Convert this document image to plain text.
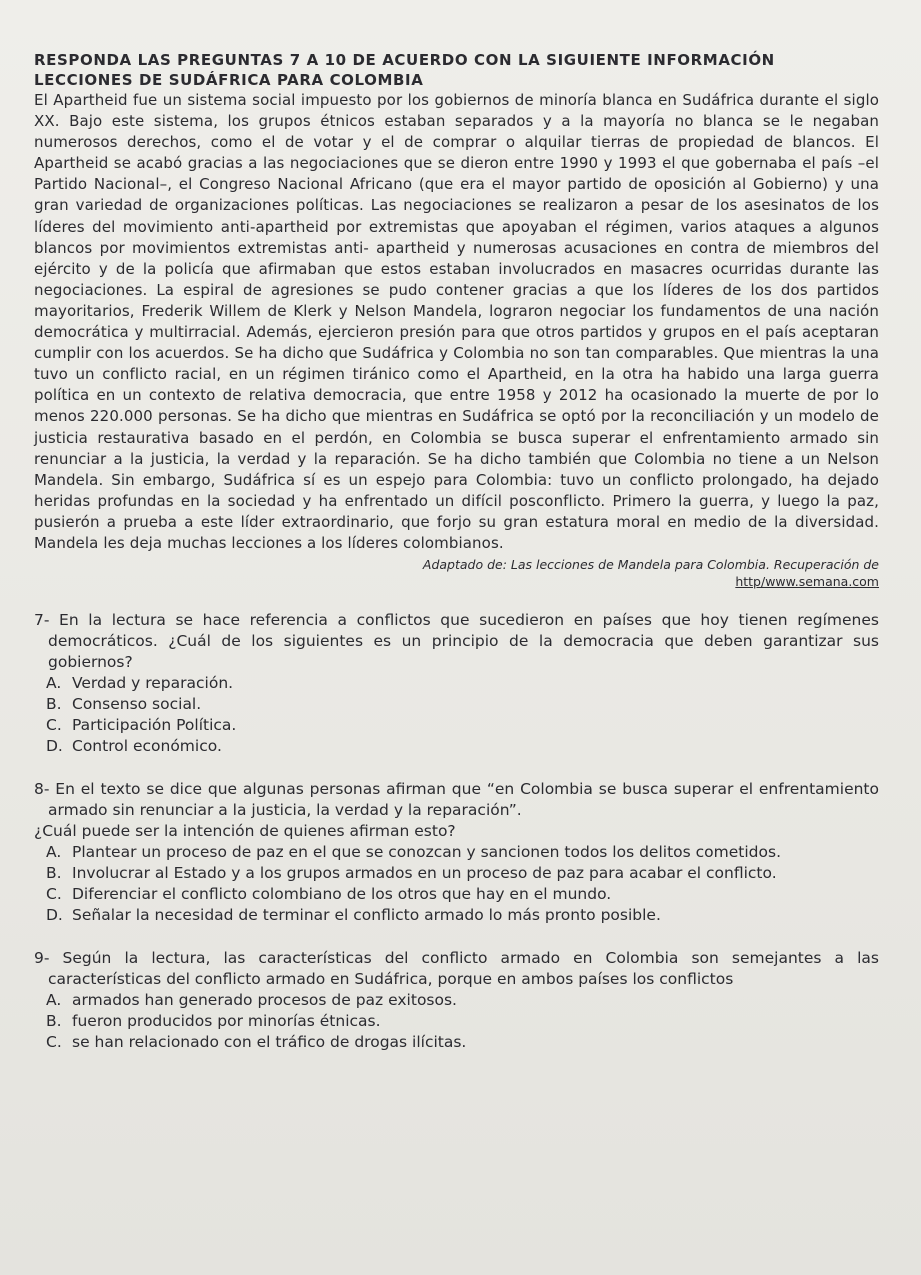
RESPONDA LAS PREGUNTAS 7 A 10 DE ACUERDO CON LA SIGUIENTE INFORMACIÓN

LECCIONES DE SUDÁFRICA PARA COLOMBIA

El Apartheid fue un sistema social impuesto por los gobiernos de minoría blanca en Sudáfrica durante el siglo XX. Bajo este sistema, los grupos étnicos estaban separados y a la mayoría no blanca se le negaban numerosos derechos, como el de votar y el de comprar o alquilar tierras de propiedad de blancos. El Apartheid se acabó gracias a las negociaciones que se dieron entre 1990 y 1993 el que gobernaba el país –el Partido Nacional–, el Congreso Nacional Africano (que era el mayor partido de oposición al Gobierno) y una gran variedad de organizaciones políticas. Las negociaciones se realizaron a pesar de los asesinatos de los líderes del movimiento anti-apartheid por extremistas que apoyaban el régimen, varios ataques a algunos blancos por movimientos extremistas anti- apartheid y numerosas acusaciones en contra de miembros del ejército y de la policía que afirmaban que estos estaban involucrados en masacres ocurridas durante las negociaciones. La espiral de agresiones se pudo contener gracias a que los líderes de los dos partidos mayoritarios, Frederik Willem de Klerk y Nelson Mandela, lograron negociar los fundamentos de una nación democrática y multirracial. Además, ejercieron presión para que otros partidos y grupos en el país aceptaran cumplir con los acuerdos. Se ha dicho que Sudáfrica y Colombia no son tan comparables. Que mientras la una tuvo un conflicto racial, en un régimen tiránico como el Apartheid, en la otra ha habido una larga guerra política en un contexto de relativa democracia, que entre 1958 y 2012 ha ocasionado la muerte de por lo menos 220.000 personas. Se ha dicho que mientras en Sudáfrica se optó por la reconciliación y un modelo de justicia restaurativa basado en el perdón, en Colombia se busca superar el enfrentamiento armado sin renunciar a la justicia, la verdad y la reparación. Se ha dicho también que Colombia no tiene a un Nelson Mandela. Sin embargo, Sudáfrica sí es un espejo para Colombia: tuvo un conflicto prolongado, ha dejado heridas profundas en la sociedad y ha enfrentado un difícil posconflicto. Primero la guerra, y luego la paz, pusierón a prueba a este líder extraordinario, que forjo su gran estatura moral en medio de la diversidad. Mandela les deja muchas lecciones a los líderes colombianos.

Adaptado de: Las lecciones de Mandela para Colombia. Recuperación de

http/www.semana.com

7- En la lectura se hace referencia a conflictos que sucedieron en países que hoy tienen regímenes democráticos. ¿Cuál de los siguientes es un principio de la democracia que deben garantizar sus gobiernos?

A. Verdad y reparación.
B. Consenso social.
C. Participación Política.
D. Control económico.

8- En el texto se dice que algunas personas afirman que “en Colombia se busca superar el enfrentamiento armado sin renunciar a la justicia, la verdad y la reparación”.

¿Cuál puede ser la intención de quienes afirman esto?

A. Plantear un proceso de paz en el que se conozcan y sancionen todos los delitos cometidos.
B. Involucrar al Estado y a los grupos armados en un proceso de paz para acabar el conflicto.
C. Diferenciar el conflicto colombiano de los otros que hay en el mundo.
D. Señalar la necesidad de terminar el conflicto armado lo más pronto posible.

9- Según la lectura, las características del conflicto armado en Colombia son semejantes a las características del conflicto armado en Sudáfrica, porque en ambos países los conflictos

A. armados han generado procesos de paz exitosos.
B. fueron producidos por minorías étnicas.
C. se han relacionado con el tráfico de drogas ilícitas.
